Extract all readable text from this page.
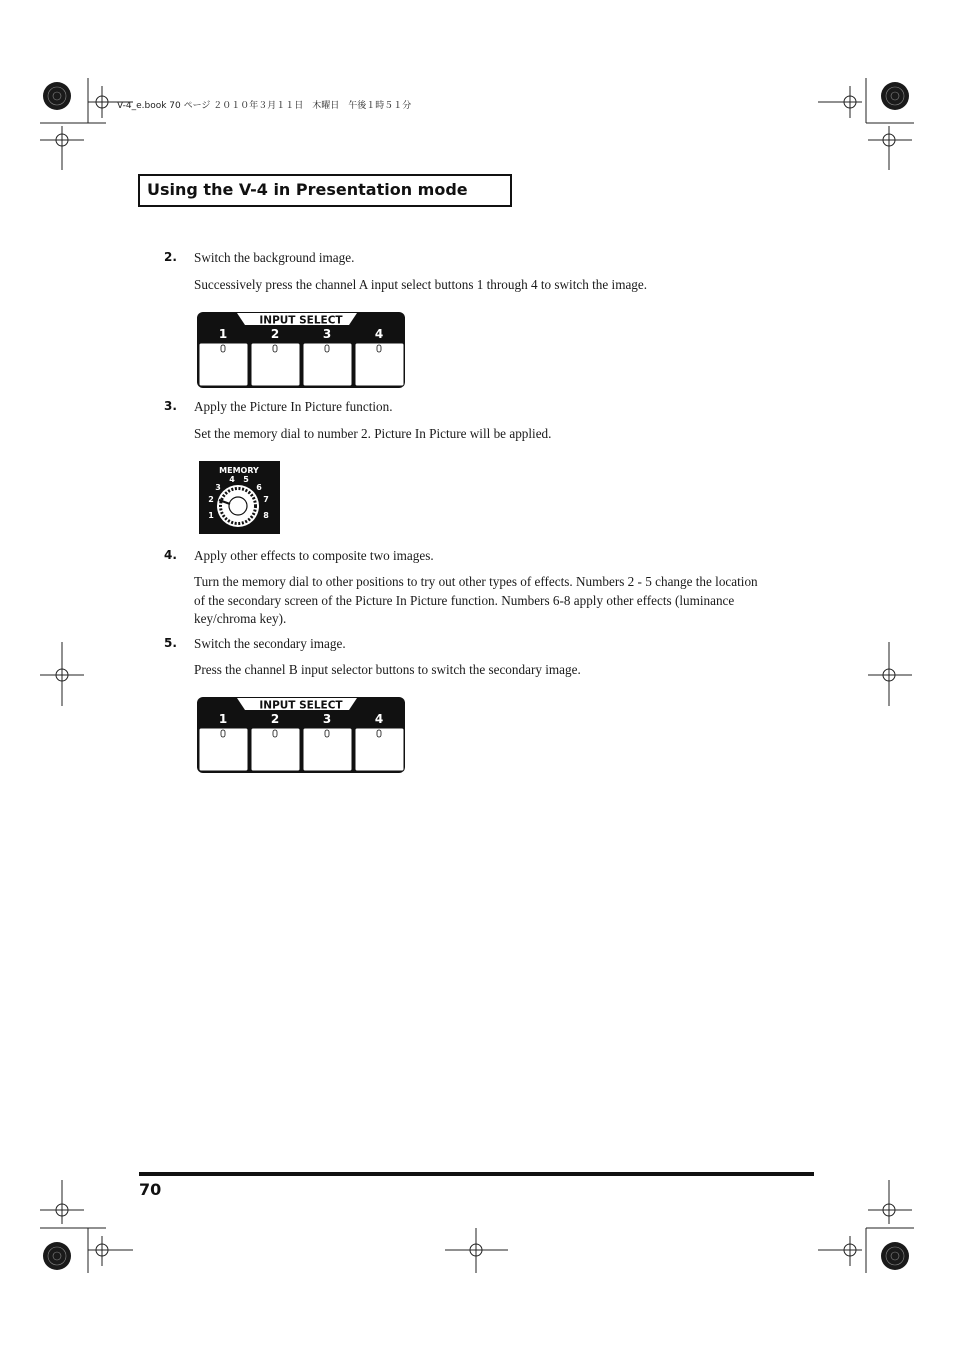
V-4_e.book 70 ページ ２０１０年３月１１日　木曜日　午後１時５１分
Using the V-4 in Presentation mode
2. Switch the background image.
Successively press the channel A input select buttons 1 through 4 to switch the image.
INPUT SELECT
1	2	3	4
3. Apply the Picture In Picture function.
Set the memory dial to number 2. Picture In Picture will be applied.
MEMORY
1
2
3
4 5
6
7
8
4. Apply other effects to composite two images.
Turn the memory dial to other positions to try out other types of effects. Numbers 2 - 5 change the location of the secondary screen of the Picture In Picture function. Numbers 6-8 apply other effects (luminance key/chroma key).
5. Switch the secondary image.
Press the channel B input selector buttons to switch the secondary image.
INPUT SELECT
1	2	3	4
70
